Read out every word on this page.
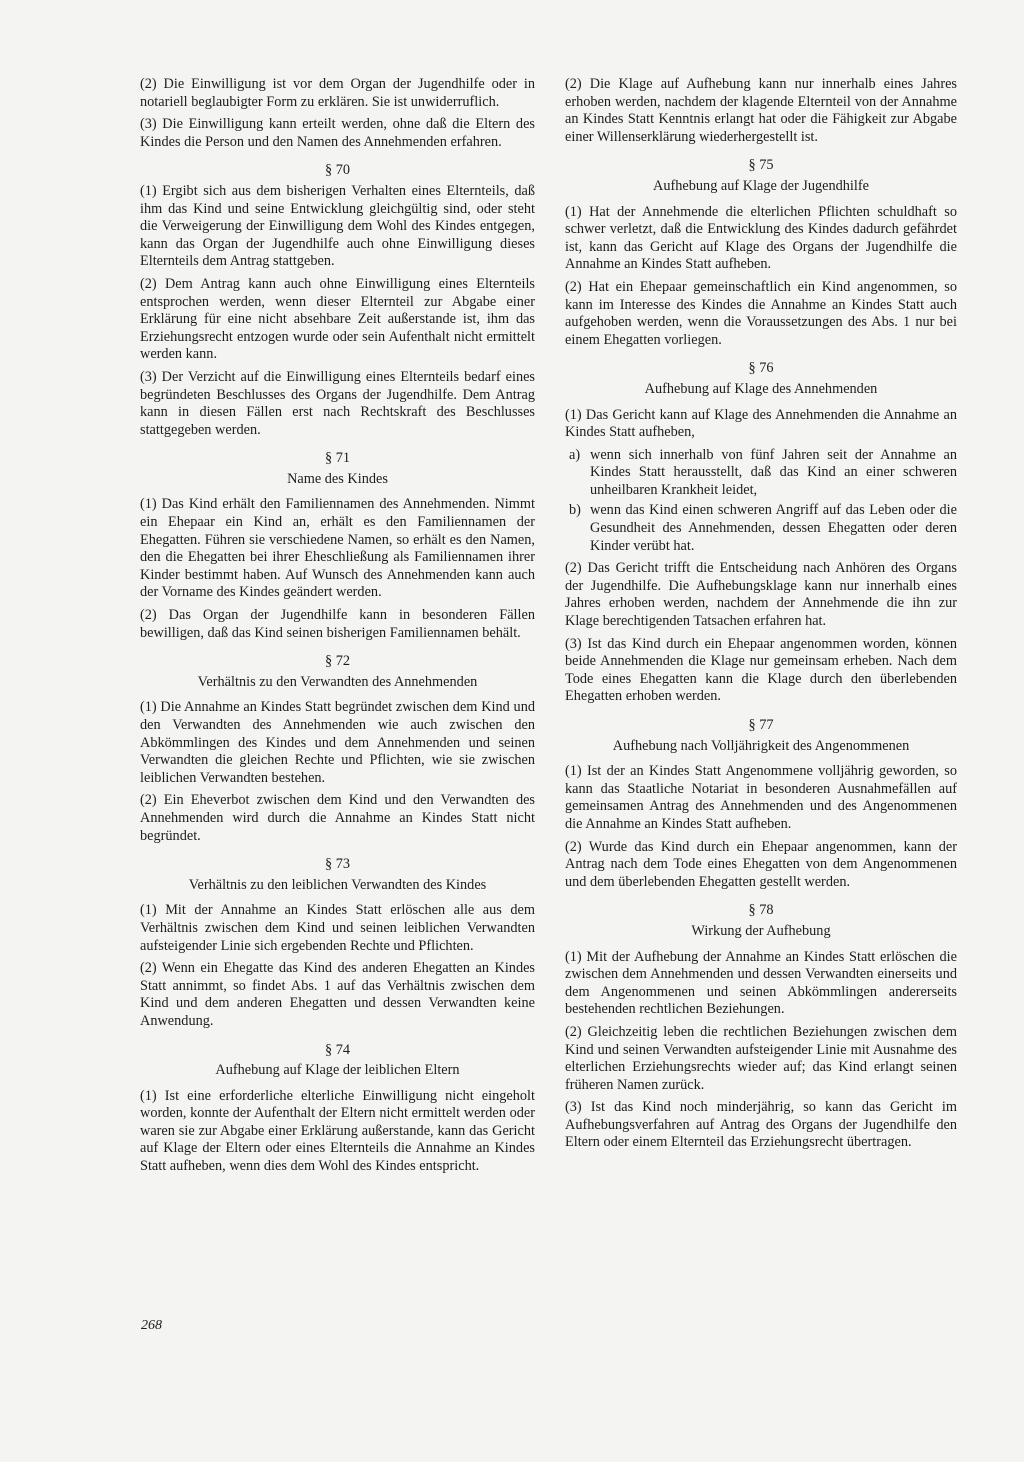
(2) Die Einwilligung ist vor dem Organ der Jugendhilfe oder in notariell beglaubigter Form zu erklären. Sie ist unwiderruflich.

(3) Die Einwilligung kann erteilt werden, ohne daß die Eltern des Kindes die Person und den Namen des Annehmenden erfahren.

§ 70

(1) Ergibt sich aus dem bisherigen Verhalten eines Elternteils, daß ihm das Kind und seine Entwicklung gleichgültig sind, oder steht die Verweigerung der Einwilligung dem Wohl des Kindes entgegen, kann das Organ der Jugendhilfe auch ohne Einwilligung dieses Elternteils dem Antrag stattgeben.

(2) Dem Antrag kann auch ohne Einwilligung eines Elternteils entsprochen werden, wenn dieser Elternteil zur Abgabe einer Erklärung für eine nicht absehbare Zeit außerstande ist, ihm das Erziehungsrecht entzogen wurde oder sein Aufenthalt nicht ermittelt werden kann.

(3) Der Verzicht auf die Einwilligung eines Elternteils bedarf eines begründeten Beschlusses des Organs der Jugendhilfe. Dem Antrag kann in diesen Fällen erst nach Rechtskraft des Beschlusses stattgegeben werden.

§ 71
Name des Kindes

(1) Das Kind erhält den Familiennamen des Annehmenden. Nimmt ein Ehepaar ein Kind an, erhält es den Familiennamen der Ehegatten. Führen sie verschiedene Namen, so erhält es den Namen, den die Ehegatten bei ihrer Eheschließung als Familiennamen ihrer Kinder bestimmt haben. Auf Wunsch des Annehmenden kann auch der Vorname des Kindes geändert werden.

(2) Das Organ der Jugendhilfe kann in besonderen Fällen bewilligen, daß das Kind seinen bisherigen Familiennamen behält.

§ 72
Verhältnis zu den Verwandten des Annehmenden

(1) Die Annahme an Kindes Statt begründet zwischen dem Kind und den Verwandten des Annehmenden wie auch zwischen den Abkömmlingen des Kindes und dem Annehmenden und seinen Verwandten die gleichen Rechte und Pflichten, wie sie zwischen leiblichen Verwandten bestehen.

(2) Ein Eheverbot zwischen dem Kind und den Verwandten des Annehmenden wird durch die Annahme an Kindes Statt nicht begründet.

§ 73
Verhältnis zu den leiblichen Verwandten des Kindes

(1) Mit der Annahme an Kindes Statt erlöschen alle aus dem Verhältnis zwischen dem Kind und seinen leiblichen Verwandten aufsteigender Linie sich ergebenden Rechte und Pflichten.

(2) Wenn ein Ehegatte das Kind des anderen Ehegatten an Kindes Statt annimmt, so findet Abs. 1 auf das Verhältnis zwischen dem Kind und dem anderen Ehegatten und dessen Verwandten keine Anwendung.

§ 74
Aufhebung auf Klage der leiblichen Eltern

(1) Ist eine erforderliche elterliche Einwilligung nicht eingeholt worden, konnte der Aufenthalt der Eltern nicht ermittelt werden oder waren sie zur Abgabe einer Erklärung außerstande, kann das Gericht auf Klage der Eltern oder eines Elternteils die Annahme an Kindes Statt aufheben, wenn dies dem Wohl des Kindes entspricht.

(2) Die Klage auf Aufhebung kann nur innerhalb eines Jahres erhoben werden, nachdem der klagende Elternteil von der Annahme an Kindes Statt Kenntnis erlangt hat oder die Fähigkeit zur Abgabe einer Willenserklärung wiederhergestellt ist.

§ 75
Aufhebung auf Klage der Jugendhilfe

(1) Hat der Annehmende die elterlichen Pflichten schuldhaft so schwer verletzt, daß die Entwicklung des Kindes dadurch gefährdet ist, kann das Gericht auf Klage des Organs der Jugendhilfe die Annahme an Kindes Statt aufheben.

(2) Hat ein Ehepaar gemeinschaftlich ein Kind angenommen, so kann im Interesse des Kindes die Annahme an Kindes Statt auch aufgehoben werden, wenn die Voraussetzungen des Abs. 1 nur bei einem Ehegatten vorliegen.

§ 76
Aufhebung auf Klage des Annehmenden

(1) Das Gericht kann auf Klage des Annehmenden die Annahme an Kindes Statt aufheben,

a) wenn sich innerhalb von fünf Jahren seit der Annahme an Kindes Statt herausstellt, daß das Kind an einer schweren unheilbaren Krankheit leidet,
b) wenn das Kind einen schweren Angriff auf das Leben oder die Gesundheit des Annehmenden, dessen Ehegatten oder deren Kinder verübt hat.

(2) Das Gericht trifft die Entscheidung nach Anhören des Organs der Jugendhilfe. Die Aufhebungsklage kann nur innerhalb eines Jahres erhoben werden, nachdem der Annehmende die ihn zur Klage berechtigenden Tatsachen erfahren hat.

(3) Ist das Kind durch ein Ehepaar angenommen worden, können beide Annehmenden die Klage nur gemeinsam erheben. Nach dem Tode eines Ehegatten kann die Klage durch den überlebenden Ehegatten erhoben werden.

§ 77
Aufhebung nach Volljährigkeit des Angenommenen

(1) Ist der an Kindes Statt Angenommene volljährig geworden, so kann das Staatliche Notariat in besonderen Ausnahmefällen auf gemeinsamen Antrag des Annehmenden und des Angenommenen die Annahme an Kindes Statt aufheben.

(2) Wurde das Kind durch ein Ehepaar angenommen, kann der Antrag nach dem Tode eines Ehegatten von dem Angenommenen und dem überlebenden Ehegatten gestellt werden.

§ 78
Wirkung der Aufhebung

(1) Mit der Aufhebung der Annahme an Kindes Statt erlöschen die zwischen dem Annehmenden und dessen Verwandten einerseits und dem Angenommenen und seinen Abkömmlingen andererseits bestehenden rechtlichen Beziehungen.

(2) Gleichzeitig leben die rechtlichen Beziehungen zwischen dem Kind und seinen Verwandten aufsteigender Linie mit Ausnahme des elterlichen Erziehungsrechts wieder auf; das Kind erlangt seinen früheren Namen zurück.

(3) Ist das Kind noch minderjährig, so kann das Gericht im Aufhebungsverfahren auf Antrag des Organs der Jugendhilfe den Eltern oder einem Elternteil das Erziehungsrecht übertragen.

268
